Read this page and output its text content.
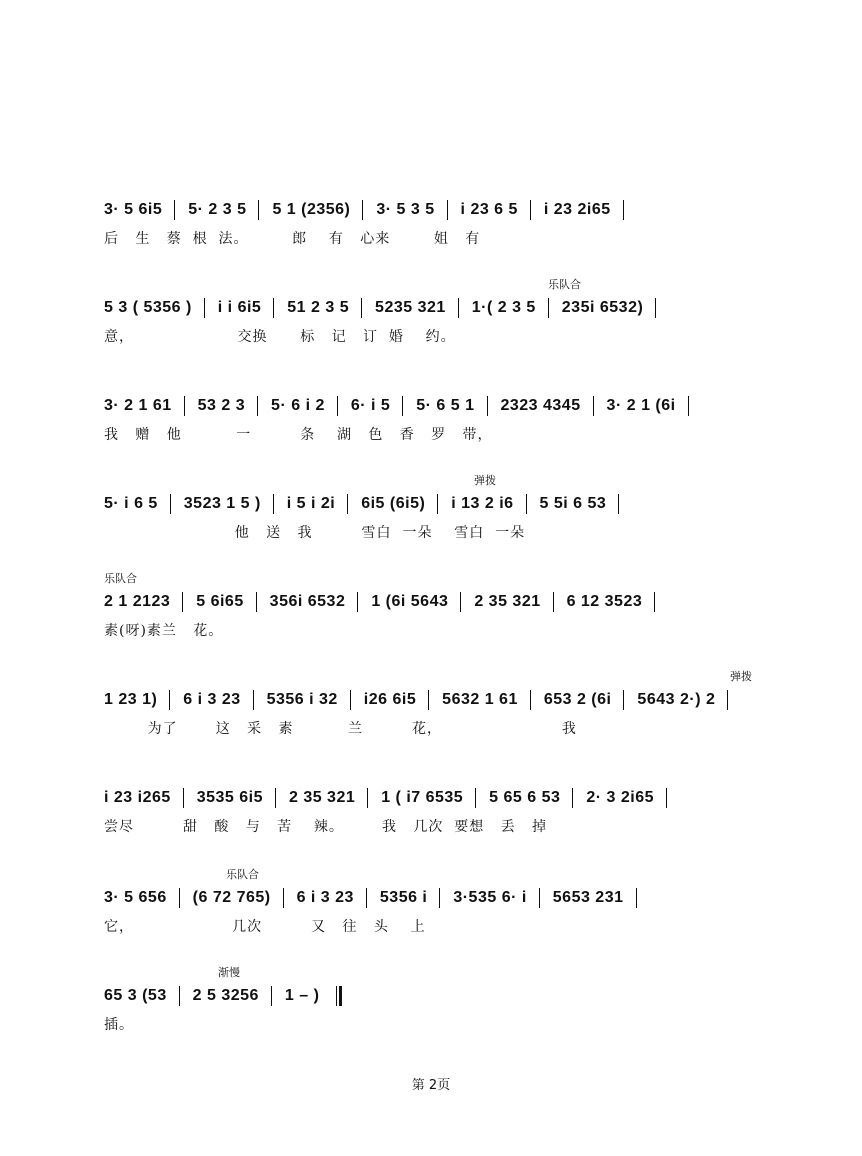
3· 5 6i5 5· 2 3 5 5 1 (2356) 3· 5 3 5 i 23 6 5 i 23 2i65
后   生   蔡  根  法。        郎    有   心来        姐   有
乐队合
5 3 ( 5356 ) i i 6i5 51 2 3 5 5235 321 1·( 2 3 5 235i 6532)
意，                   交换      标   记   订  婚    约。
3· 2 1 61 53 2 3 5· 6 i 2 6· i 5 5· 6 5 1 2323 4345 3· 2 1 (6i
我   赠   他          一         条    湖   色   香   罗   带，
弹拨
5· i 6 5 3523 1 5 ) i 5 i 2i 6i5 (6i5) i 13 2 i6 5 5i 6 53
他   送   我         雪白  一朵    雪白  一朵
乐队合
2 1 2123 5 6i65 356i 6532 1 (6i 5643 2 35 321 6 12 3523
素(呀)素兰   花。
弹拨
1 23 1) 6 i 3 23 5356 i 32 i26 6i5 5632 1 61 653 2 (6i 5643 2·) 2
为了       这   采   素          兰         花，                      我
i 23 i265 3535 6i5 2 35 321 1 ( i7 6535 5 65 6 53 2· 3 2i65
尝尽         甜   酸   与   苦    辣。       我   几次  要想   丢   掉
乐队合
3· 5 656 (6 72 765) 6 i 3 23 5356 i 3·535 6· i 5653 231
它，                  几次         又   往   头    上
渐慢
65 3 (53 2 5 3256 1 – )
插。
第 2页
